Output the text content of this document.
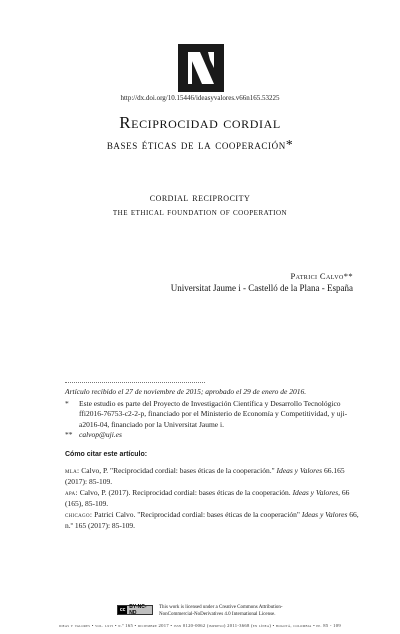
http://dx.doi.org/10.15446/ideasyvalores.v66n165.53225
Reciprocidad cordial
bases éticas de la cooperación*
cordial reciprocity
the ethical foundation of cooperation
Patrici Calvo**
Universitat Jaume i - Castelló de la Plana - España

Artículo recibido el 27 de noviembre de 2015; aprobado el 29 de enero de 2016.

* Este estudio es parte del Proyecto de Investigación Científica y Desarrollo Tecnológico ffi2016-76753-c2-2-p, financiado por el Ministerio de Economía y Competitividad, y uji-a2016-04, financiado por la Universitat Jaume i.

** calvop@uji.es

Cómo citar este artículo:

mla: Calvo, P. "Reciprocidad cordial: bases éticas de la cooperación." Ideas y Valores 66.165 (2017): 85-109.

apa: Calvo, P. (2017). Reciprocidad cordial: bases éticas de la cooperación. Ideas y Valores, 66 (165), 85-109.

chicago: Patrici Calvo. "Reciprocidad cordial: bases éticas de la cooperación" Ideas y Valores 66, n.º 165 (2017): 85-109.

cc BY-NC-ND
This work is licensed under a Creative Commons Attribution-NonCommercial-NoDerivatives 4.0 International License.
ideas y valores • vol. lxvi • n.º 165 • diciembre 2017 • issn 0120-0062 (impreso) 2011-3668 (en línea) • bogotá, colombia • pp. 85 - 109
